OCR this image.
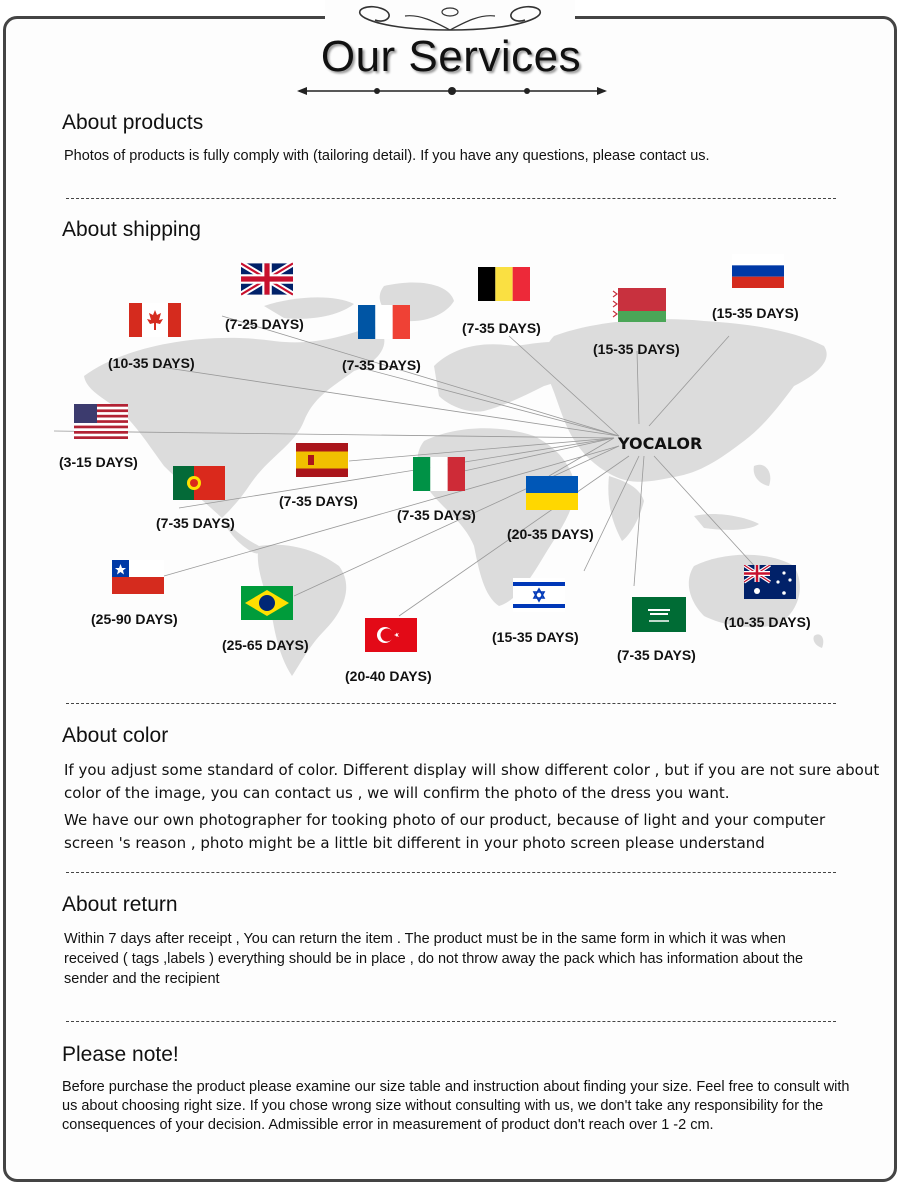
Our Services
About products

Photos of products is fully comply with (tailoring detail). If you have any questions, please contact us.

About shipping
YOCALOR
(7-25 DAYS)
(10-35 DAYS)	(7-35 DAYS)
(7-35 DAYS)
(15-35 DAYS)
(15-35 DAYS)
(3-15 DAYS)
(7-35 DAYS)
(7-35 DAYS)	(7-35 DAYS)
(20-35 DAYS)
(25-90 DAYS)
(25-65 DAYS)
(20-40 DAYS)
(15-35 DAYS)
(7-35 DAYS)
(10-35 DAYS)
About color

If you adjust some standard of color. Different display will show different color , but if you are not sure about

color of the image, you can contact us , we will confirm the photo of the dress you want.

We have our own photographer for tooking photo of our product, because of light and your computer

screen 's reason , photo might be a little bit different in your photo screen please understand

About return

Within 7 days after receipt , You can return the item . The product must be in the same form in which it was when

received ( tags ,labels ) everything should be in place , do not throw away the pack which has information about the

sender and the recipient

Please note!

Before purchase the product please examine our size table and instruction about finding your size. Feel free to consult with

us about choosing right size. If you chose wrong size without consulting with us, we don't take any responsibility for the

consequences of your decision. Admissible error in measurement of product don't reach over 1 -2 cm.
